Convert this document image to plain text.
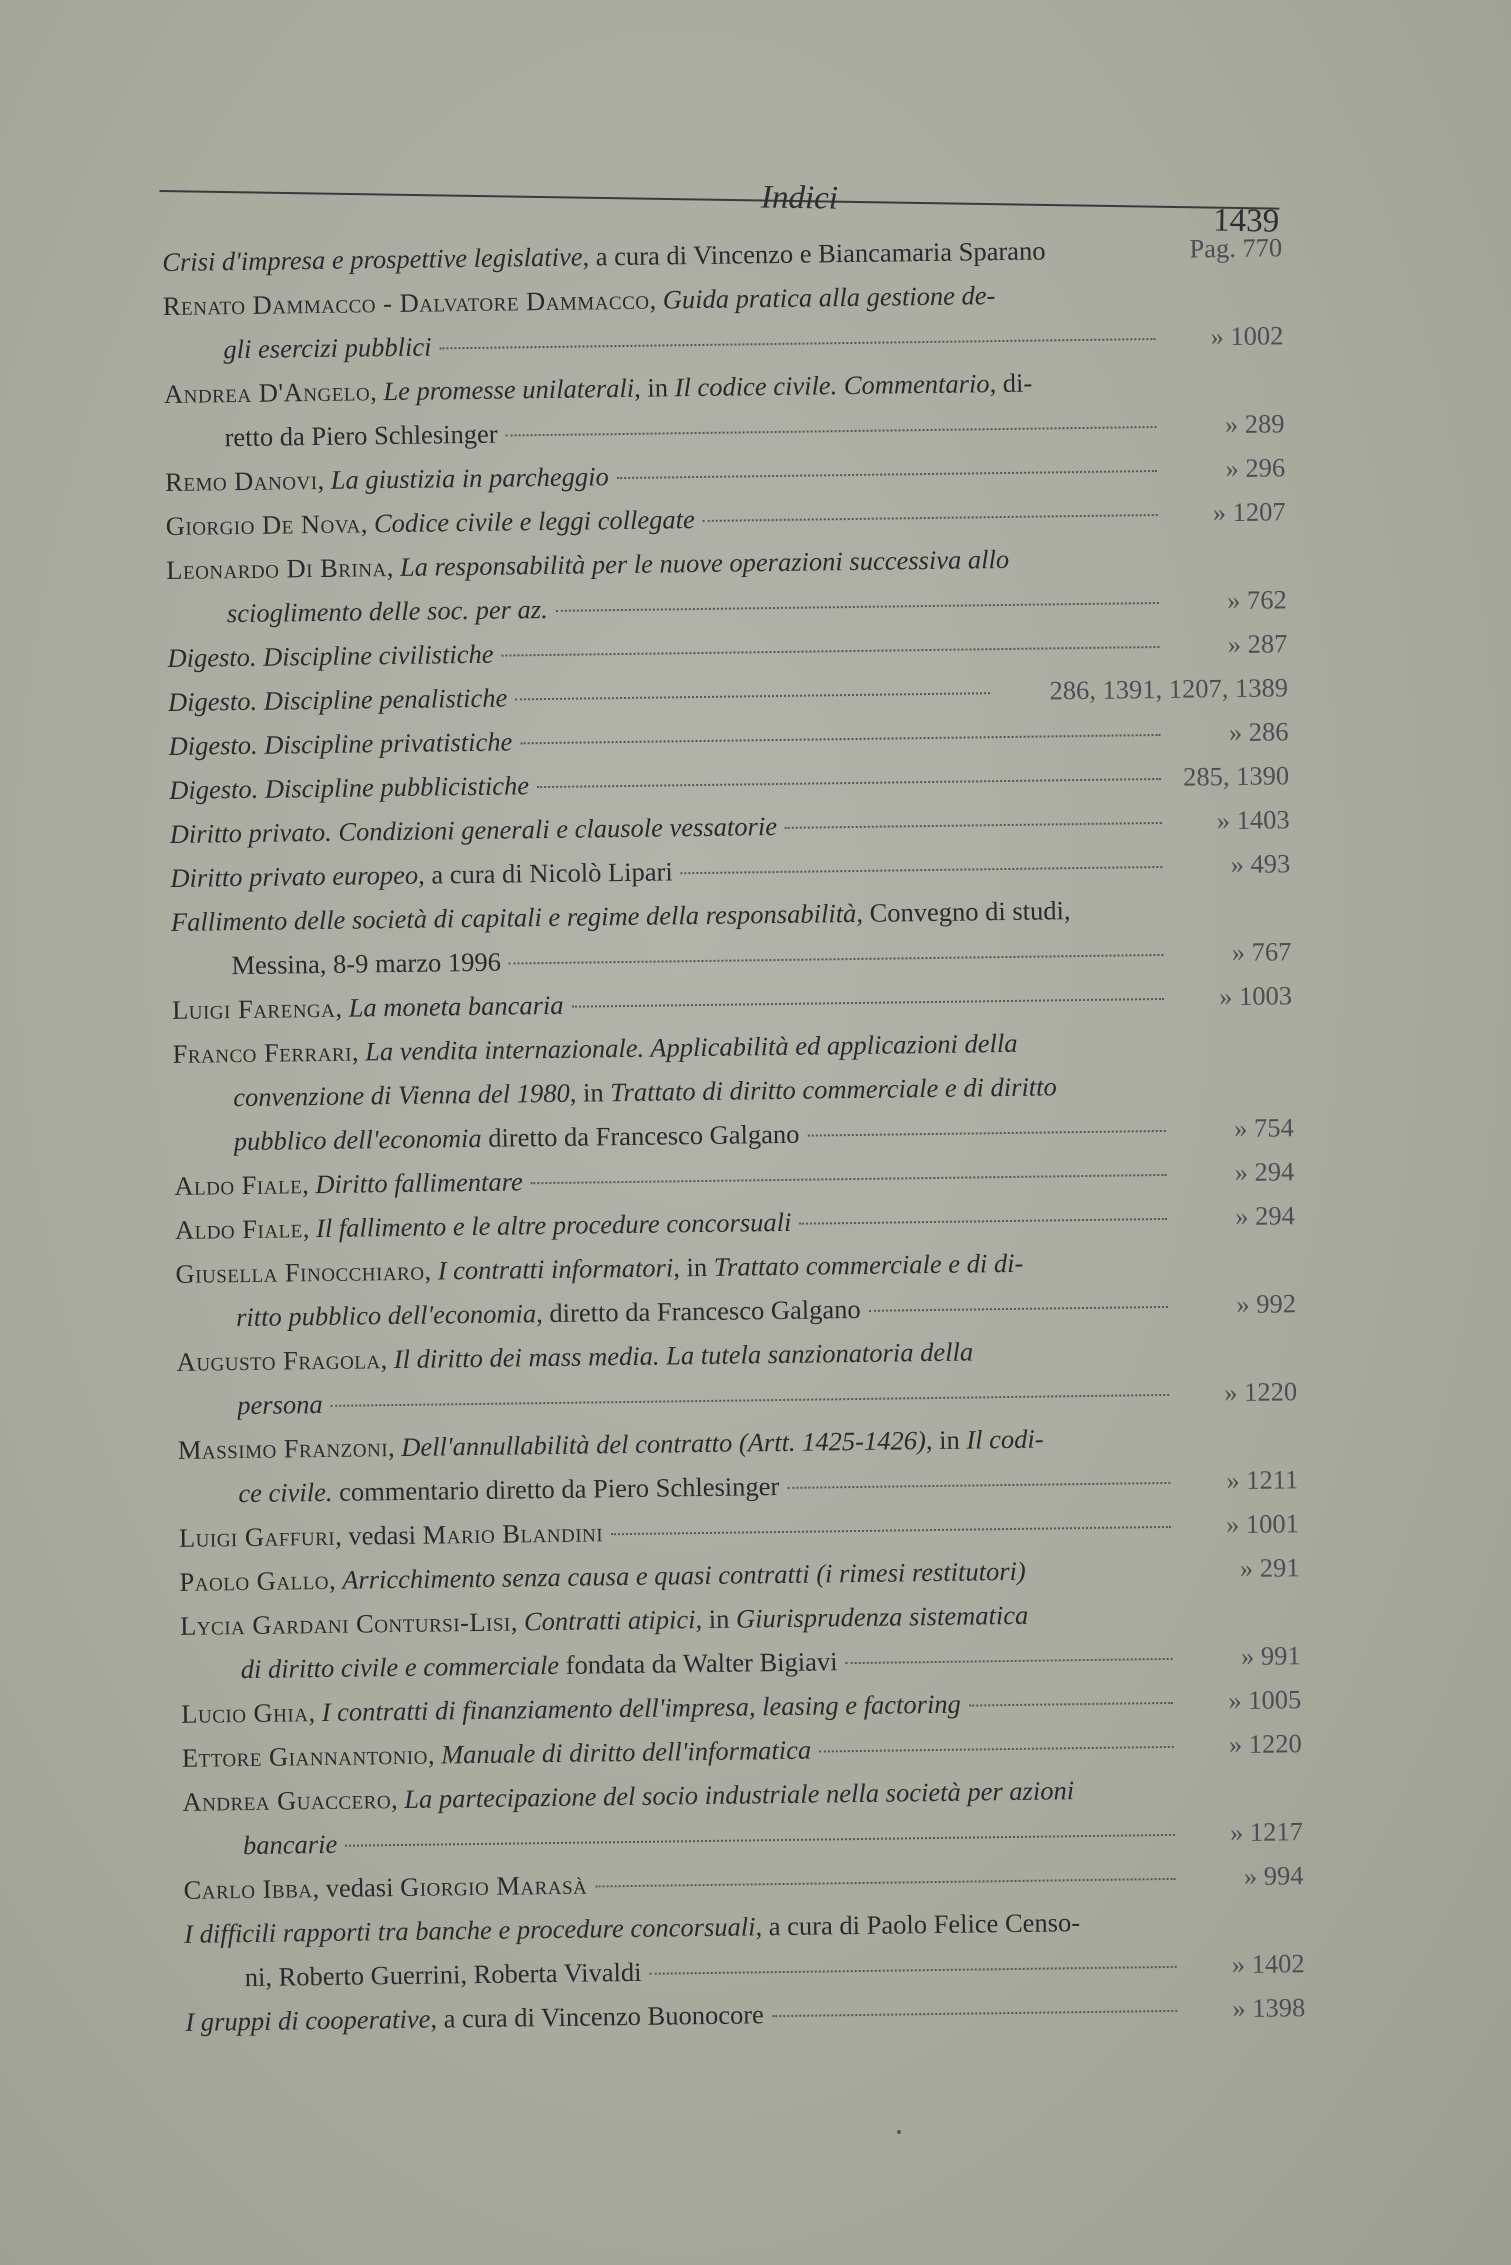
Indici
1439
Crisi d'impresa e prospettive legislative, a cura di Vincenzo e Biancamaria Sparano	Pag. 770
Renato Dammacco - Dalvatore Dammacco, Guida pratica alla gestione de-
gli esercizi pubblici	» 1002
Andrea D'Angelo, Le promesse unilaterali, in Il codice civile. Commentario, di-
retto da Piero Schlesinger	» 289
Remo Danovi, La giustizia in parcheggio	» 296
Giorgio De Nova, Codice civile e leggi collegate	» 1207
Leonardo Di Brina, La responsabilità per le nuove operazioni successiva allo
scioglimento delle soc. per az.	» 762
Digesto. Discipline civilistiche	» 287
Digesto. Discipline penalistiche	286, 1391, 1207, 1389
Digesto. Discipline privatistiche	» 286
Digesto. Discipline pubblicistiche	285, 1390
Diritto privato. Condizioni generali e clausole vessatorie	» 1403
Diritto privato europeo, a cura di Nicolò Lipari	» 493
Fallimento delle società di capitali e regime della responsabilità, Convegno di studi,
Messina, 8-9 marzo 1996	» 767
Luigi Farenga, La moneta bancaria	» 1003
Franco Ferrari, La vendita internazionale. Applicabilità ed applicazioni della
convenzione di Vienna del 1980, in Trattato di diritto commerciale e di diritto
pubblico dell'economia diretto da Francesco Galgano	» 754
Aldo Fiale, Diritto fallimentare	» 294
Aldo Fiale, Il fallimento e le altre procedure concorsuali	» 294
Giusella Finocchiaro, I contratti informatori, in Trattato commerciale e di di-
ritto pubblico dell'economia, diretto da Francesco Galgano	» 992
Augusto Fragola, Il diritto dei mass media. La tutela sanzionatoria della
persona	» 1220
Massimo Franzoni, Dell'annullabilità del contratto (Artt. 1425-1426), in Il codi-
ce civile. commentario diretto da Piero Schlesinger	» 1211
Luigi Gaffuri, vedasi Mario Blandini	» 1001
Paolo Gallo, Arricchimento senza causa e quasi contratti (i rimesi restitutori)	» 291
Lycia Gardani Contursi-Lisi, Contratti atipici, in Giurisprudenza sistematica
di diritto civile e commerciale fondata da Walter Bigiavi	» 991
Lucio Ghia, I contratti di finanziamento dell'impresa, leasing e factoring	» 1005
Ettore Giannantonio, Manuale di diritto dell'informatica	» 1220
Andrea Guaccero, La partecipazione del socio industriale nella società per azioni
bancarie	» 1217
Carlo Ibba, vedasi Giorgio Marasà	» 994
I difficili rapporti tra banche e procedure concorsuali, a cura di Paolo Felice Censo-
ni, Roberto Guerrini, Roberta Vivaldi	» 1402
I gruppi di cooperative, a cura di Vincenzo Buonocore	» 1398
